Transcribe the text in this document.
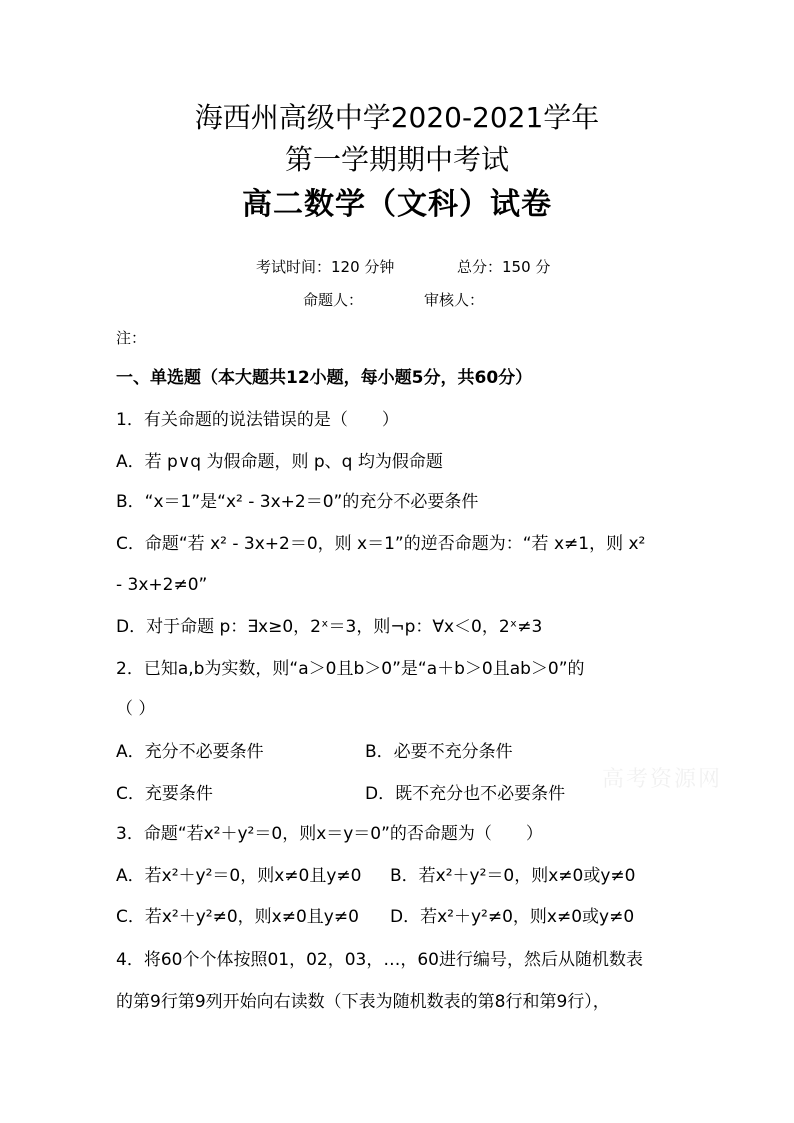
海西州高级中学2020-2021学年
第一学期期中考试
高二数学（文科）试卷
考试时间：120 分钟	总分：150 分
命题人：	审核人：
注：
一、单选题（本大题共12小题，每小题5分，共60分）
1．有关命题的说法错误的是（　　）
A．若 p∨q 为假命题，则 p、q 均为假命题
B．“x＝1”是“x² - 3x+2＝0”的充分不必要条件
C．命题“若 x² - 3x+2＝0，则 x＝1”的逆否命题为：“若 x≠1，则 x²
- 3x+2≠0”
D．对于命题 p：∃x≥0，2ˣ＝3，则¬p：∀x＜0，2ˣ≠3
2．已知a,b为实数，则“a＞0且b＞0”是“a＋b＞0且ab＞0”的
（ ）
A．充分不必要条件	B．必要不充分条件
C．充要条件	D．既不充分也不必要条件
3．命题“若x²＋y²＝0，则x＝y＝0”的否命题为（　　）
A．若x²＋y²＝0，则x≠0且y≠0 B．若x²＋y²＝0，则x≠0或y≠0
C．若x²＋y²≠0，则x≠0且y≠0 D．若x²＋y²≠0，则x≠0或y≠0
4．将60个个体按照01，02，03，…，60进行编号，然后从随机数表
的第9行第9列开始向右读数（下表为随机数表的第8行和第9行），
高考资源网
